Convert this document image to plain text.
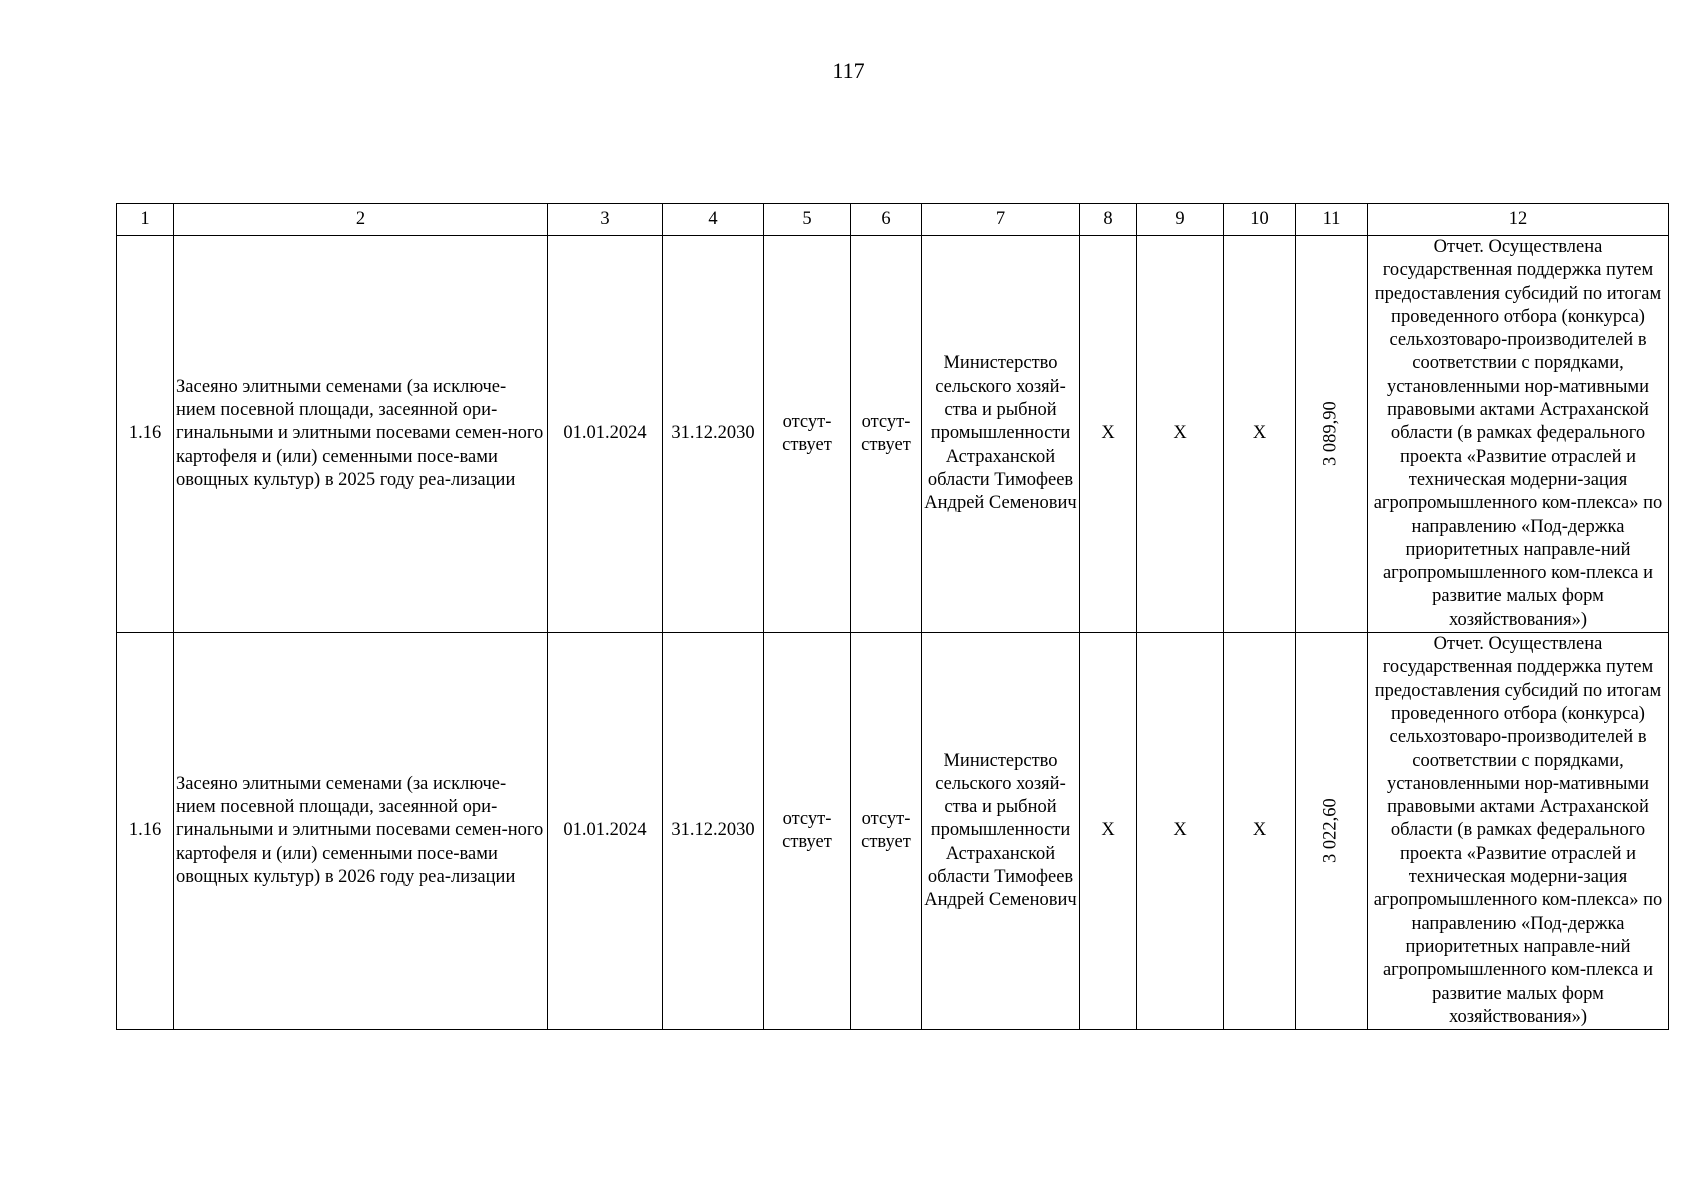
117
1	2	3	4	5	6	7	8	9	10	11	12
1.16	Засеяно элитными семенами (за исключе-нием посевной площади, засеянной ори-гинальными и элитными посевами семен-ного картофеля и (или) семенными посе-вами овощных культур) в 2025 году реа-лизации	01.01.2024	31.12.2030	отсут-ствует	отсут-ствует	Министерство сельского хозяй-ства и рыбной промышленности Астраханской области Тимофеев Андрей Семенович	X	X	X	3 089,90	Отчет. Осуществлена государственная поддержка путем предоставления субсидий по итогам проведенного отбора (конкурса) сельхозтоваро-производителей в соответствии с порядками, установленными нор-мативными правовыми актами Астраханской области (в рамках федерального проекта «Развитие отраслей и техническая модерни-зация агропромышленного ком-плекса» по направлению «Под-держка приоритетных направле-ний агропромышленного ком-плекса и развитие малых форм хозяйствования»)
1.16	Засеяно элитными семенами (за исключе-нием посевной площади, засеянной ори-гинальными и элитными посевами семен-ного картофеля и (или) семенными посе-вами овощных культур) в 2026 году реа-лизации	01.01.2024	31.12.2030	отсут-ствует	отсут-ствует	Министерство сельского хозяй-ства и рыбной промышленности Астраханской области Тимофеев Андрей Семенович	X	X	X	3 022,60	Отчет. Осуществлена государственная поддержка путем предоставления субсидий по итогам проведенного отбора (конкурса) сельхозтоваро-производителей в соответствии с порядками, установленными нор-мативными правовыми актами Астраханской области (в рамках федерального проекта «Развитие отраслей и техническая модерни-зация агропромышленного ком-плекса» по направлению «Под-держка приоритетных направле-ний агропромышленного ком-плекса и развитие малых форм хозяйствования»)
